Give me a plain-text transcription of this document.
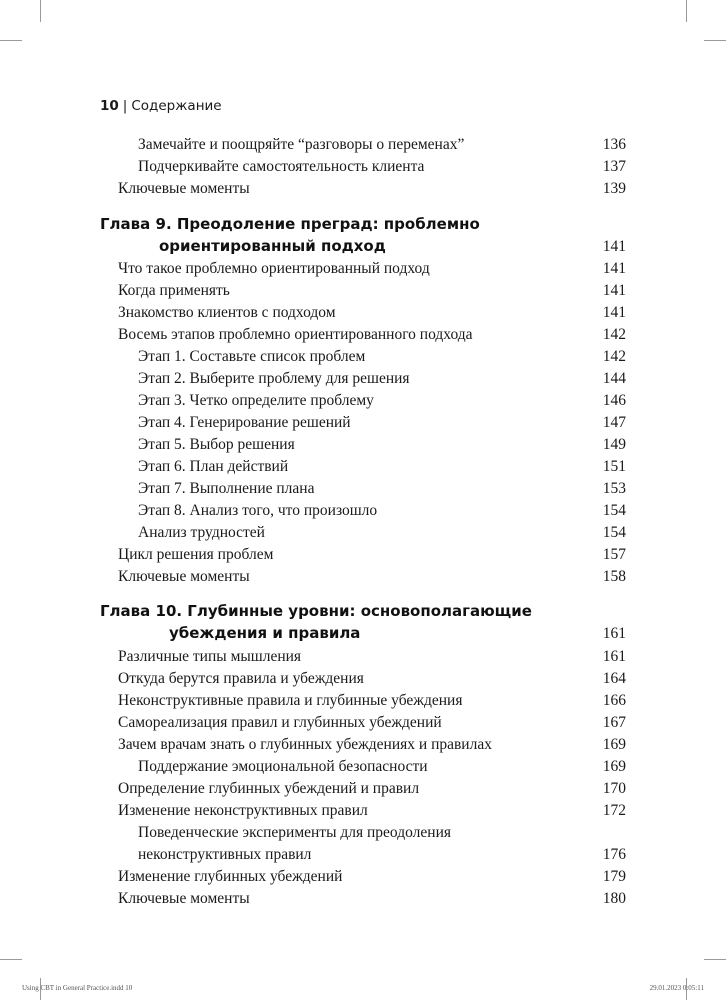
10 | Содержание
Замечайте и поощряйте “разговоры о переменах”	136
Подчеркивайте самостоятельность клиента	137
Ключевые моменты	139
Глава 9. Преодоление преград: проблемно
ориентированный подход	141
Что такое проблемно ориентированный подход	141
Когда применять	141
Знакомство клиентов с подходом	141
Восемь этапов проблемно ориентированного подхода	142
Этап 1. Составьте список проблем	142
Этап 2. Выберите проблему для решения	144
Этап 3. Четко определите проблему	146
Этап 4. Генерирование решений	147
Этап 5. Выбор решения	149
Этап 6. План действий	151
Этап 7. Выполнение плана	153
Этап 8. Анализ того, что произошло	154
Анализ трудностей	154
Цикл решения проблем	157
Ключевые моменты	158
Глава 10. Глубинные уровни: основополагающие
убеждения и правила	161
Различные типы мышления	161
Откуда берутся правила и убеждения	164
Неконструктивные правила и глубинные убеждения	166
Самореализация правил и глубинных убеждений	167
Зачем врачам знать о глубинных убеждениях и правилах	169
Поддержание эмоциональной безопасности	169
Определение глубинных убеждений и правил	170
Изменение неконструктивных правил	172
Поведенческие эксперименты для преодоления
неконструктивных правил	176
Изменение глубинных убеждений	179
Ключевые моменты	180
Using CBT in General Practice.indd 10	29.01.2023 0:05:11
